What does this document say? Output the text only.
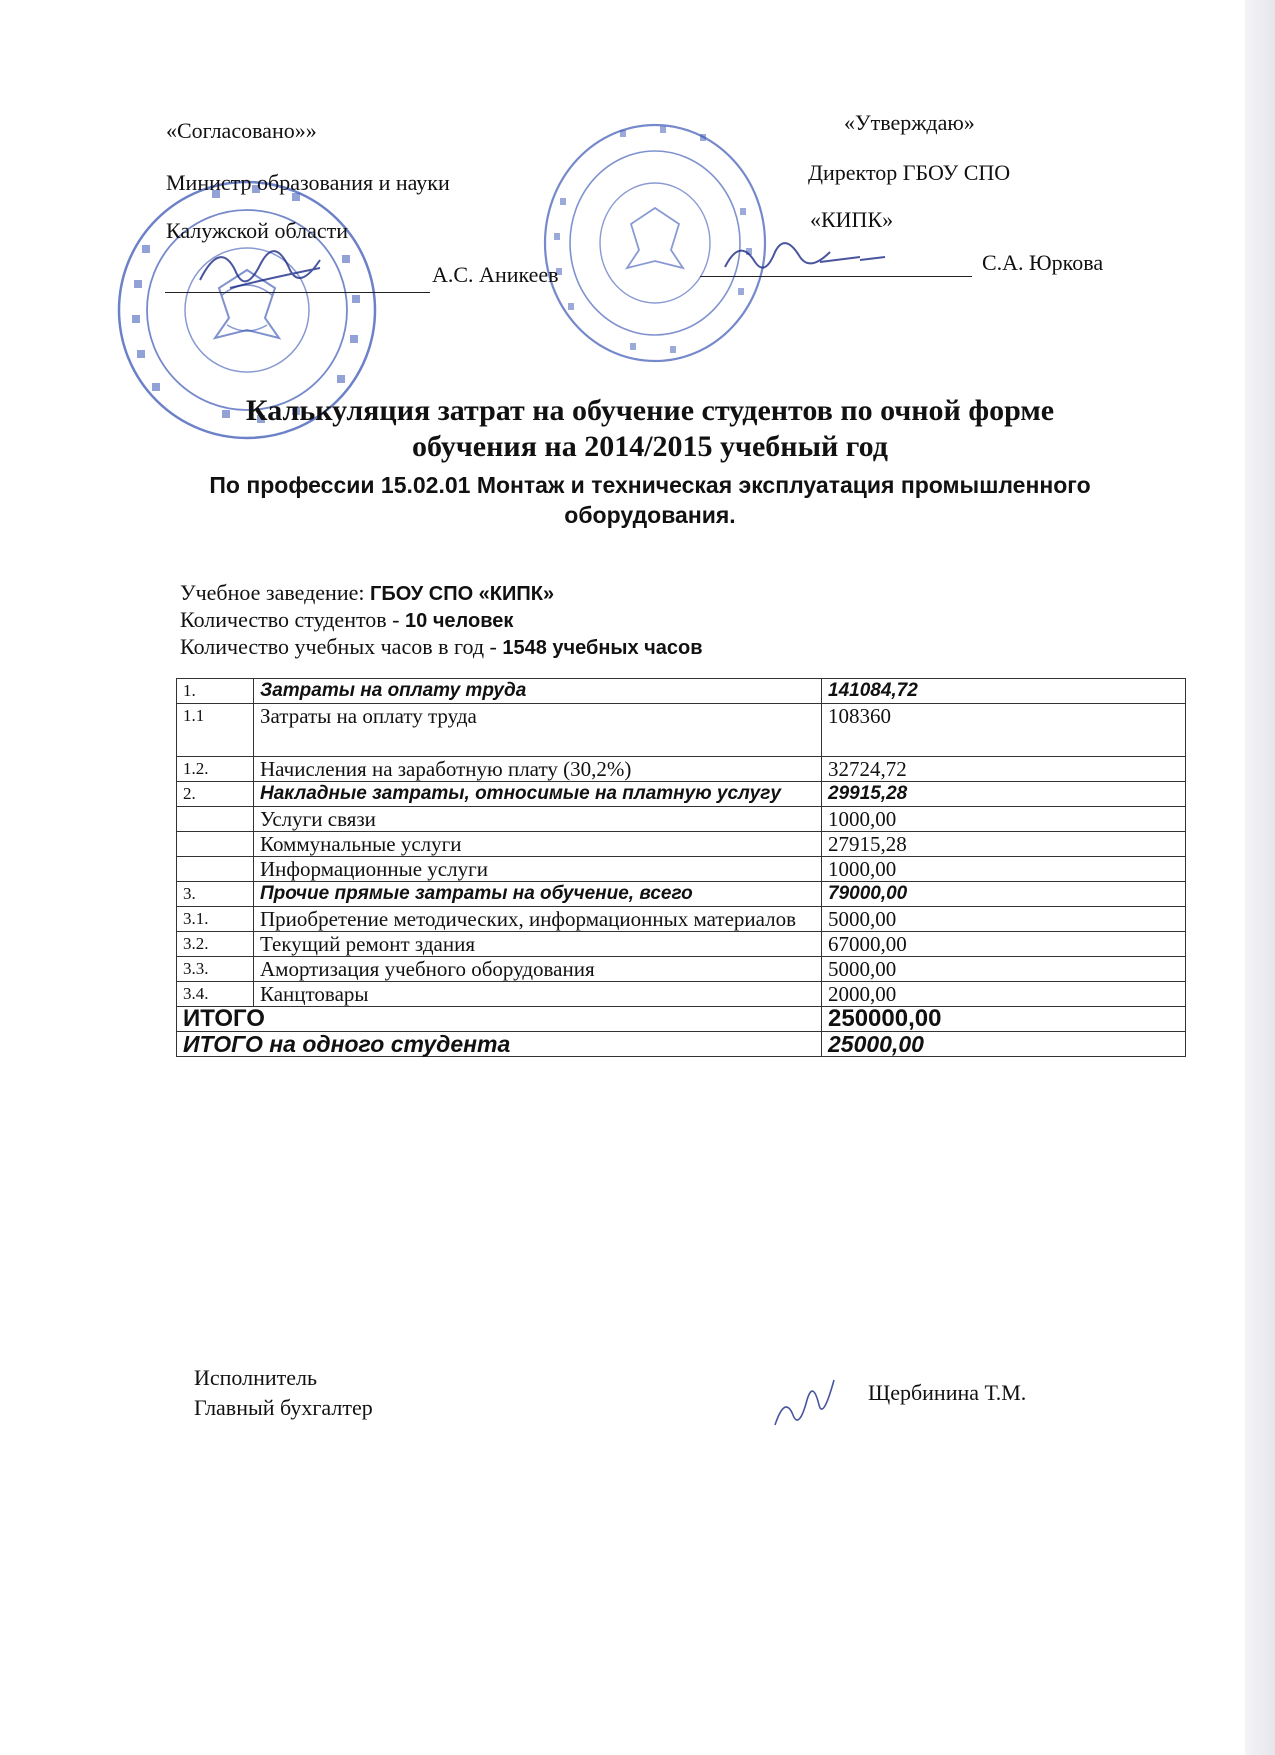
«Согласовано»»
Министр образования и науки
Калужской области
А.С. Аникеев
«Утверждаю»
Директор ГБОУ СПО
«КИПК»
С.А. Юркова
Калькуляция затрат на обучение студентов по очной форме
обучения на 2014/2015 учебный год
По профессии 15.02.01 Монтаж и техническая эксплуатация промышленного
оборудования.
Учебное заведение: ГБОУ СПО «КИПК»
Количество студентов - 10 человек
Количество учебных часов в год - 1548 учебных часов
1.	Затраты на оплату труда	141084,72
1.1	Затраты на оплату труда	108360
1.2.	Начисления на заработную плату (30,2%)	32724,72
2.	Накладные затраты, относимые на платную услугу	29915,28
	Услуги связи	1000,00
	Коммунальные услуги	27915,28
	Информационные услуги	1000,00
3.	Прочие прямые затраты на обучение, всего	79000,00
3.1.	Приобретение методических, информационных материалов	5000,00
3.2.	Текущий ремонт здания	67000,00
3.3.	Амортизация учебного оборудования	5000,00
3.4.	Канцтовары	2000,00
ИТОГО		250000,00
ИТОГО на одного студента		25000,00
Исполнитель
Главный бухгалтер
Щербинина Т.М.
